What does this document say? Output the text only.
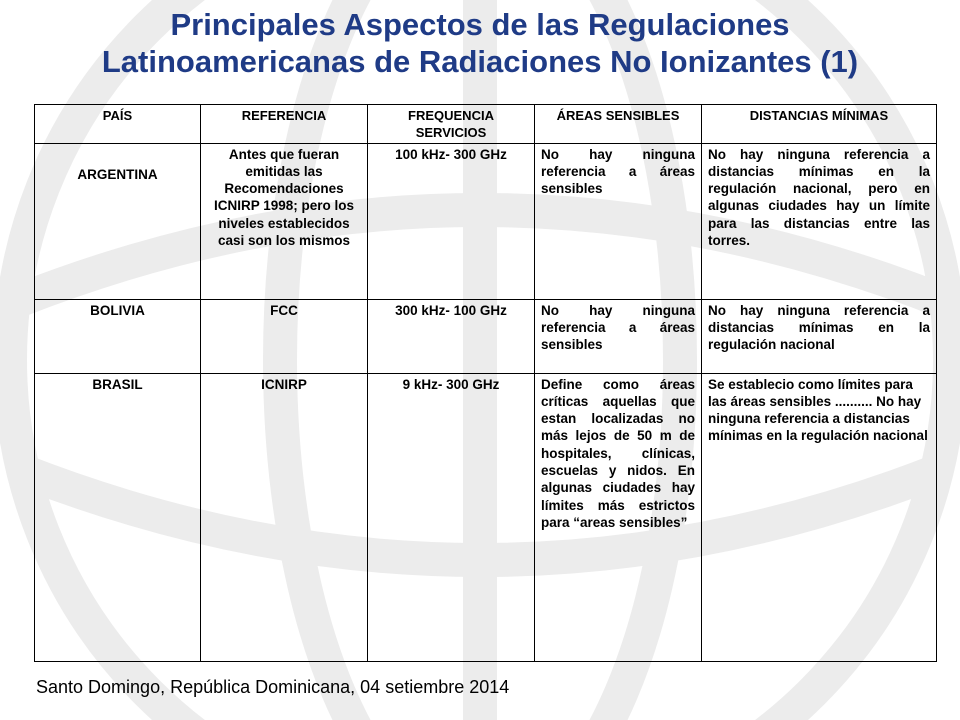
Principales Aspectos de las Regulaciones
Latinoamericanas de Radiaciones No Ionizantes (1)
PAÍS	REFERENCIA	FREQUENCIA SERVICIOS	ÁREAS SENSIBLES	DISTANCIAS MÍNIMAS
ARGENTINA	Antes que fueran emitidas las Recomendaciones ICNIRP 1998; pero los niveles establecidos casi son los mismos	100 kHz- 300 GHz	No hay ninguna referencia a áreas sensibles	No hay ninguna referencia a distancias mínimas en la regulación nacional, pero en algunas ciudades hay un límite para las distancias entre las torres.
BOLIVIA	FCC	300 kHz- 100 GHz	No hay ninguna referencia a áreas sensibles	No hay ninguna referencia a distancias mínimas en la regulación nacional
BRASIL	ICNIRP	9 kHz- 300 GHz	Define como áreas críticas aquellas que estan localizadas no más lejos de 50 m de hospitales, clínicas, escuelas y nidos. En algunas ciudades hay límites más estrictos para “areas sensibles”	Se establecio como límites para las áreas sensibles .......... No hay ninguna referencia a distancias mínimas en la regulación nacional
Santo Domingo, República Dominicana, 04 setiembre 2014
